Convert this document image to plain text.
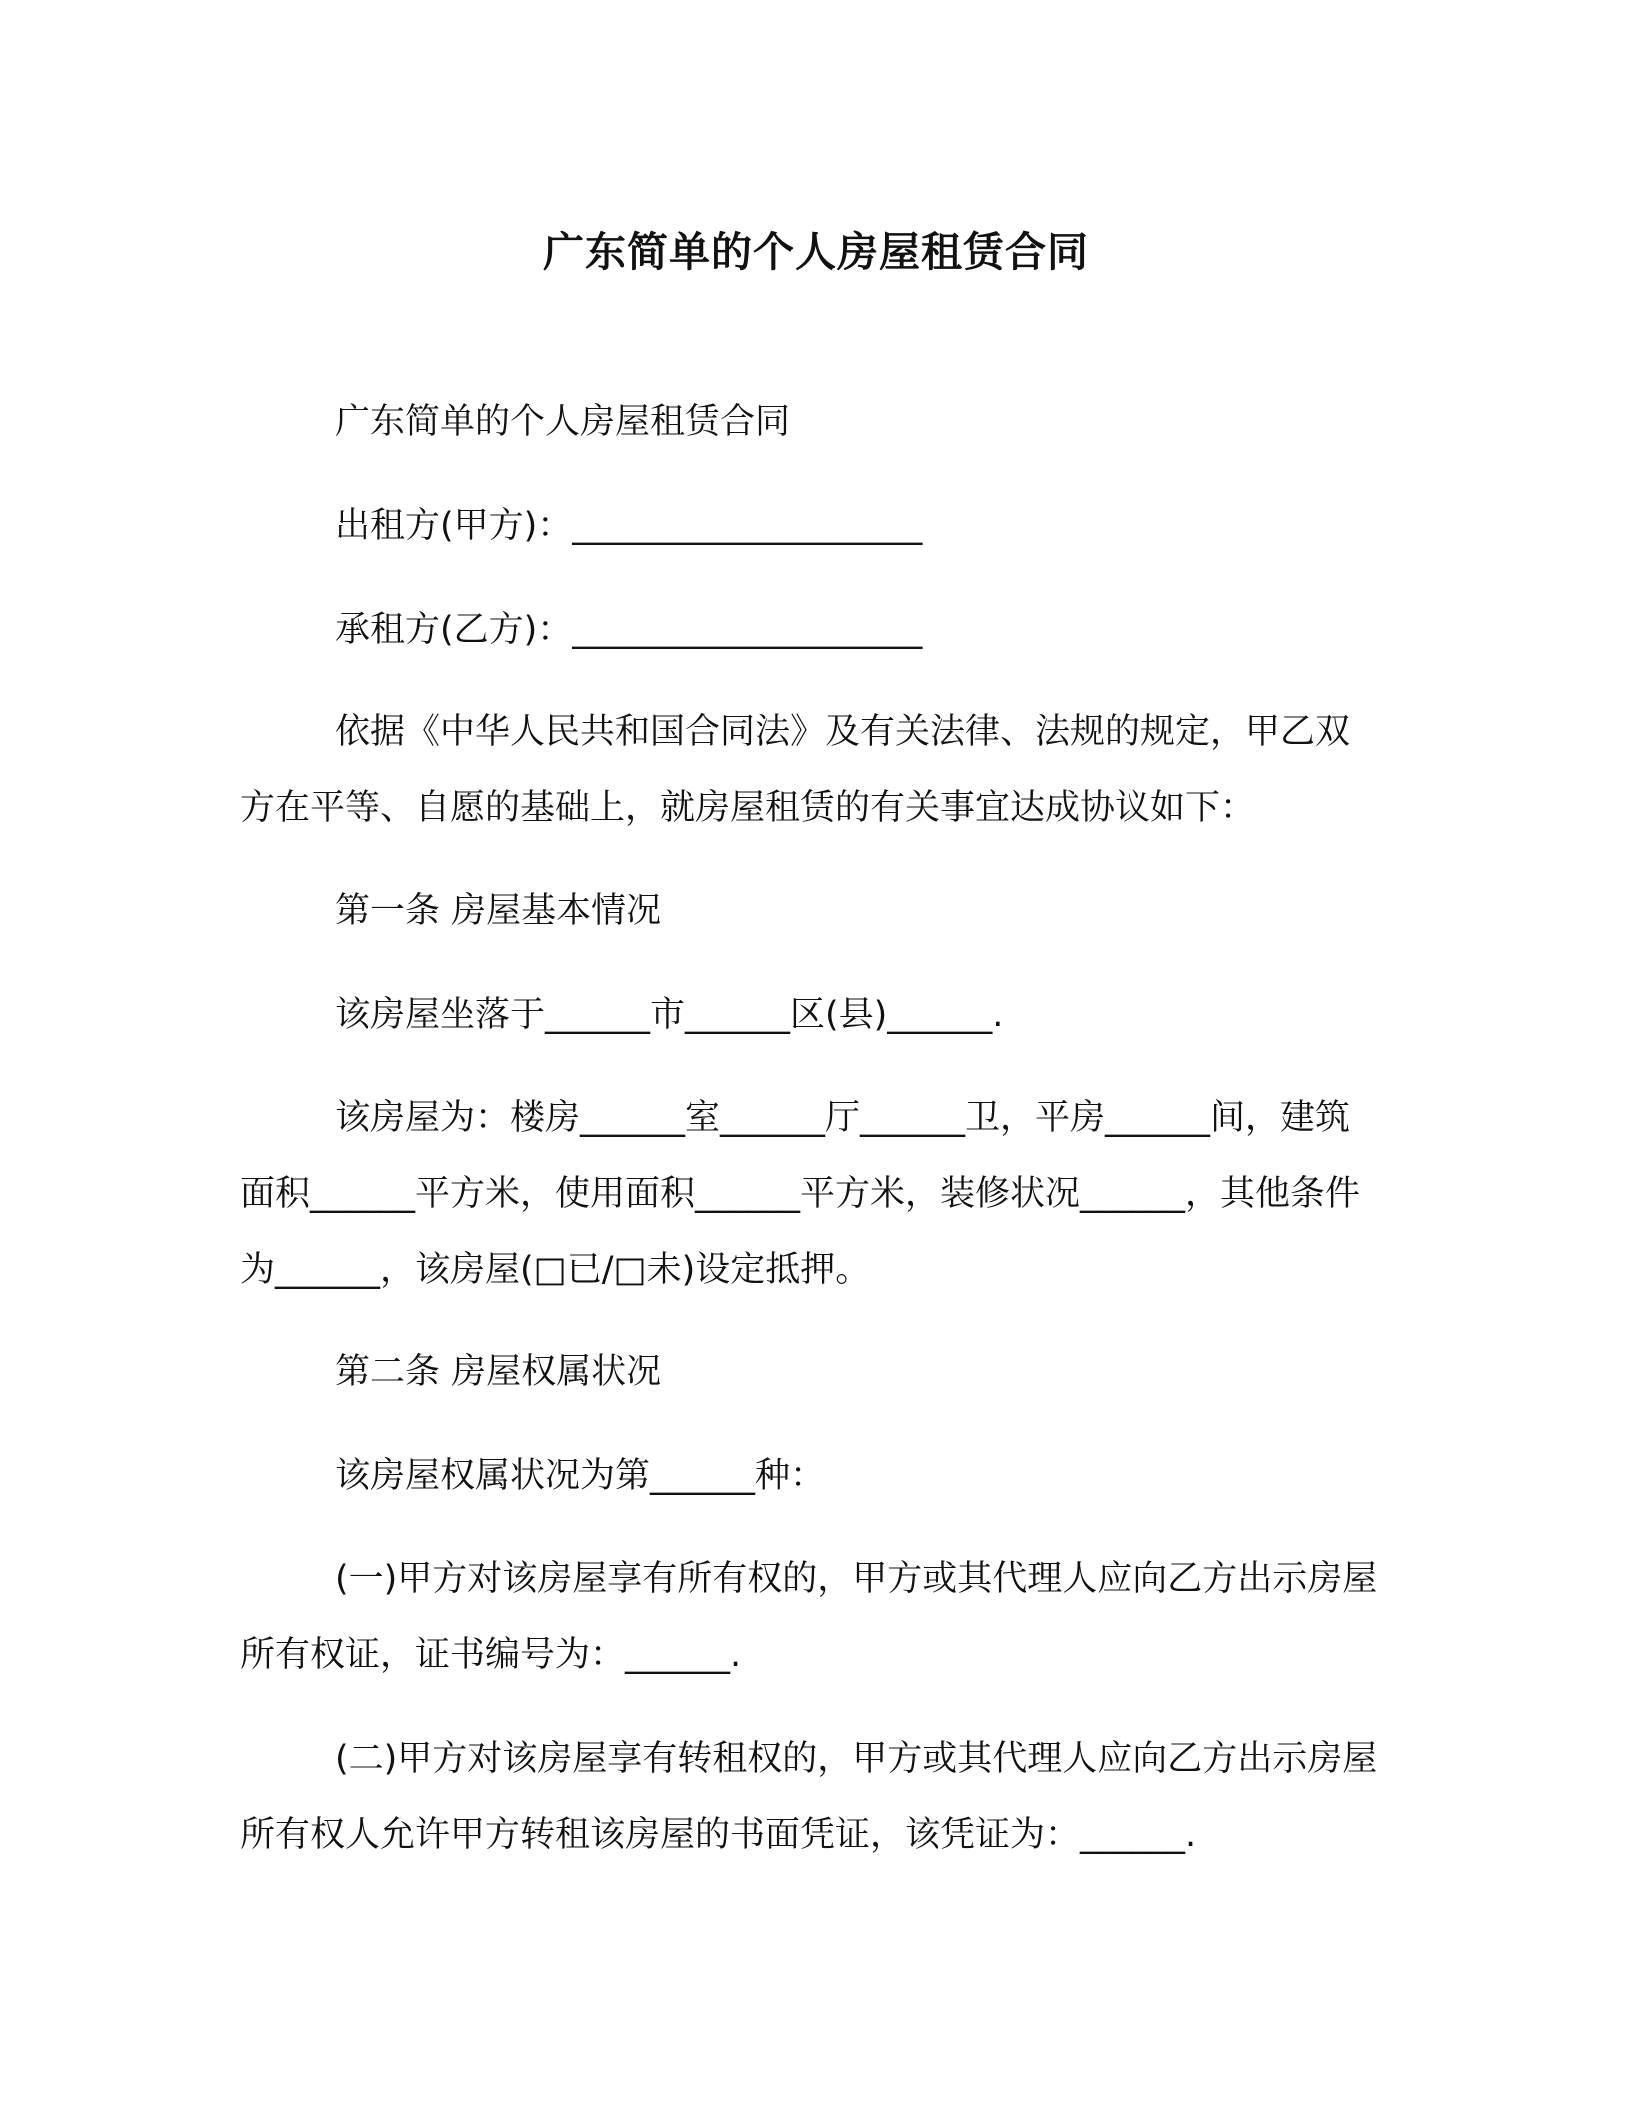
广东简单的个人房屋租赁合同

广东简单的个人房屋租赁合同

出租方(甲方)：____________________

承租方(乙方)：____________________

依据《中华人民共和国合同法》及有关法律、法规的规定，甲乙双方在平等、自愿的基础上，就房屋租赁的有关事宜达成协议如下：

第一条 房屋基本情况

该房屋坐落于______市______区(县)______.

该房屋为：楼房______室______厅______卫，平房______间，建筑面积______平方米，使用面积______平方米，装修状况______，其他条件为______，该房屋(□已/□未)设定抵押。

第二条 房屋权属状况

该房屋权属状况为第______种：

(一)甲方对该房屋享有所有权的，甲方或其代理人应向乙方出示房屋所有权证，证书编号为：______.

(二)甲方对该房屋享有转租权的，甲方或其代理人应向乙方出示房屋所有权人允许甲方转租该房屋的书面凭证，该凭证为：______.
